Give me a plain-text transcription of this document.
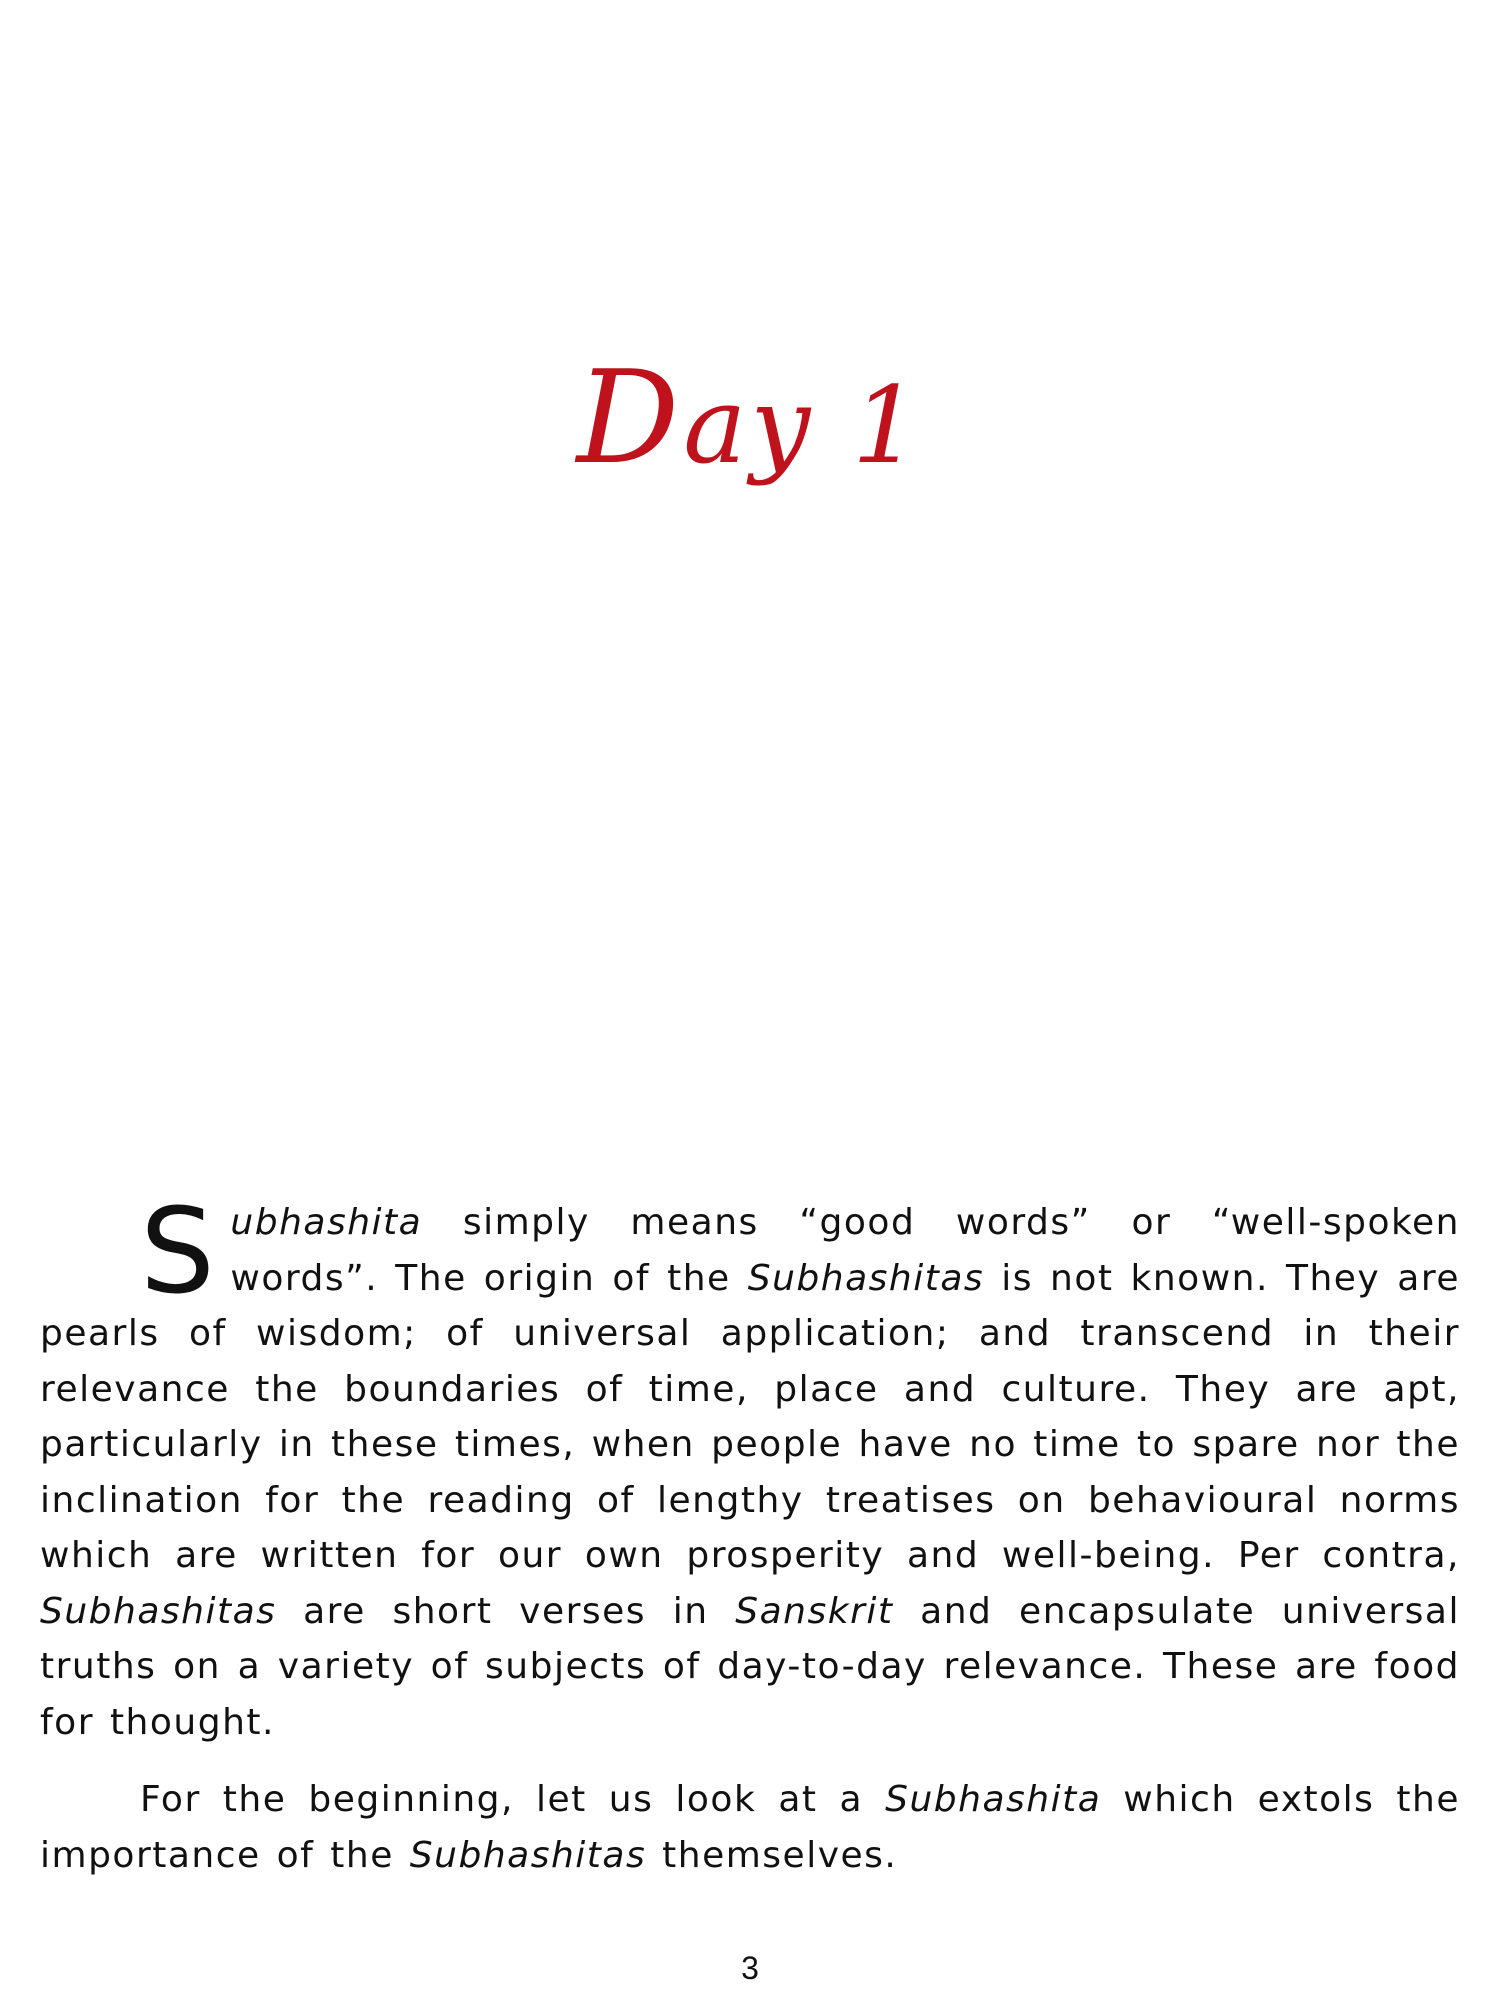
Day 1

Subhashita simply means “good words” or “well-spoken words”. The origin of the Subhashitas is not known. They are pearls of wisdom; of universal application; and transcend in their relevance the boundaries of time, place and culture. They are apt, particularly in these times, when people have no time to spare nor the inclination for the reading of lengthy treatises on behavioural norms which are written for our own prosperity and well-being. Per contra, Subhashitas are short verses in Sanskrit and encapsulate universal truths on a variety of subjects of day-to-day relevance. These are food for thought.

For the beginning, let us look at a Subhashita which extols the importance of the Subhashitas themselves.

3
